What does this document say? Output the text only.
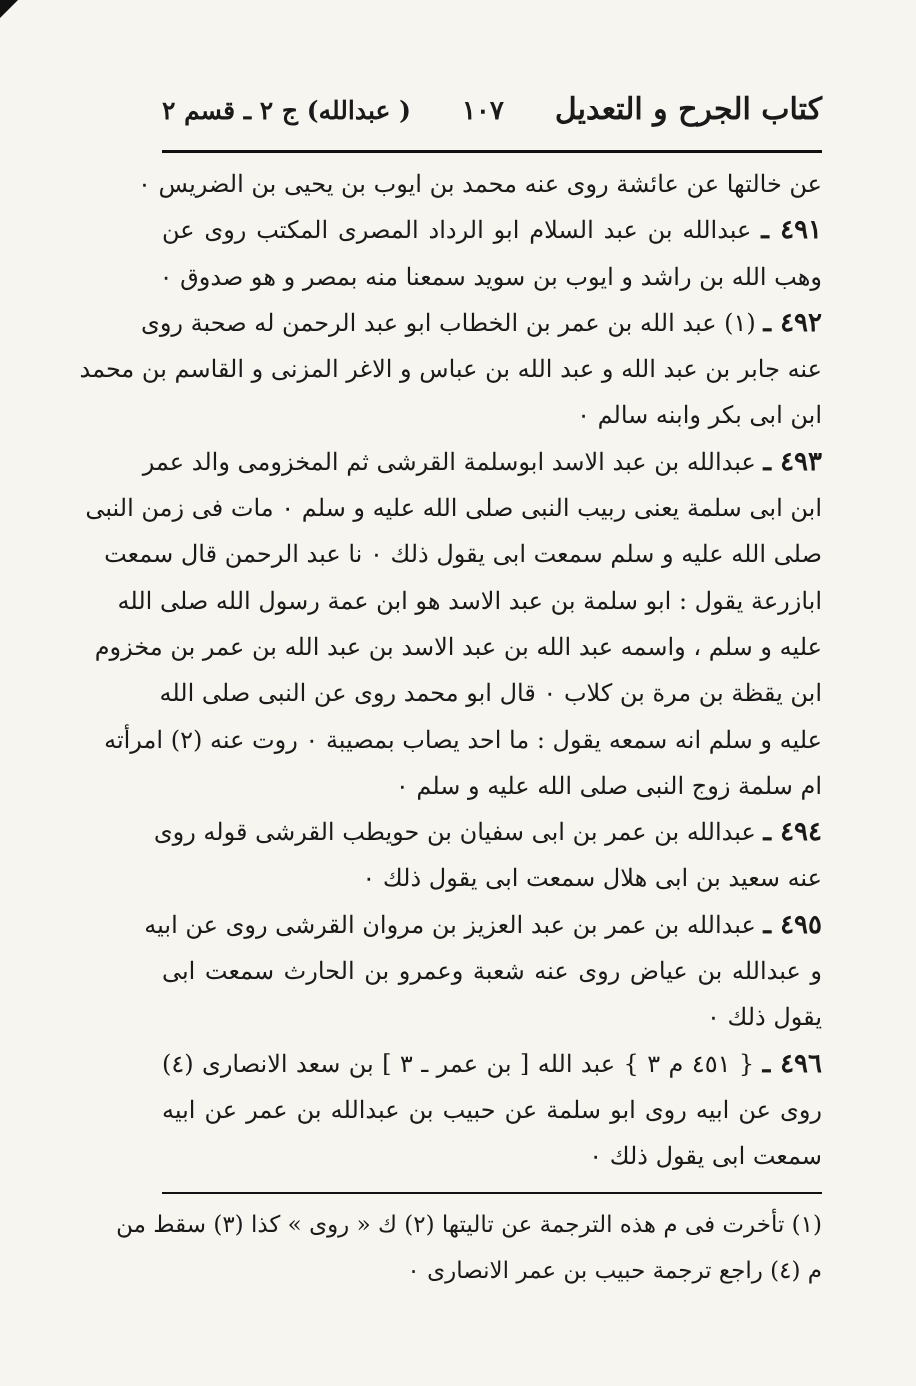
كتاب الجرح و التعديل
١٠٧
( عبدالله) ج ٢ ـ قسم ٢
عن خالتها عن عائشة روى عنه محمد بن ايوب بن يحيى بن الضريس ٠
٤٩١ ـ عبدالله بن عبد السلام ابو الرداد المصرى المكتب روى عن
وهب الله بن راشد و ايوب بن سويد سمعنا منه بمصر و هو صدوق ٠
٤٩٢ ـ (١) عبد الله بن عمر بن الخطاب ابو عبد الرحمن له صحبة روى
عنه جابر بن عبد الله و عبد الله بن عباس و الاغر المزنى و القاسم بن محمد
ابن ابى بكر وابنه سالم ٠
٤٩٣ ـ عبدالله بن عبد الاسد ابوسلمة القرشى ثم المخزومى والد عمر
ابن ابى سلمة يعنى ربيب النبى صلى الله عليه و سلم ٠ مات فى زمن النبى
صلى الله عليه و سلم سمعت ابى يقول ذلك ٠ نا عبد الرحمن قال سمعت
ابازرعة يقول : ابو سلمة بن عبد الاسد هو ابن عمة رسول الله صلى الله
عليه و سلم ، واسمه عبد الله بن عبد الاسد بن عبد الله بن عمر بن مخزوم
ابن يقظة بن مرة بن كلاب ٠ قال ابو محمد روى عن النبى صلى الله
عليه و سلم انه سمعه يقول : ما احد يصاب بمصيبة ٠ روت عنه (٢) امرأته
ام سلمة زوج النبى صلى الله عليه و سلم ٠
٤٩٤ ـ عبدالله بن عمر بن ابى سفيان بن حويطب القرشى قوله روى
عنه سعيد بن ابى هلال سمعت ابى يقول ذلك ٠
٤٩٥ ـ عبدالله بن عمر بن عبد العزيز بن مروان القرشى روى عن ابيه
و عبدالله بن عياض روى عنه شعبة وعمرو بن الحارث سمعت ابى
يقول ذلك ٠
٤٩٦ ـ { ٤٥١ م ٣ } عبد الله [ بن عمر ـ ٣ ] بن سعد الانصارى (٤)
روى عن ابيه روى ابو سلمة عن حبيب بن عبدالله بن عمر عن ابيه
سمعت ابى يقول ذلك ٠
(١) تأخرت فى م هذه الترجمة عن تاليتها (٢) ك « روى » كذا (٣) سقط من
م (٤) راجع ترجمة حبيب بن عمر الانصارى ٠
